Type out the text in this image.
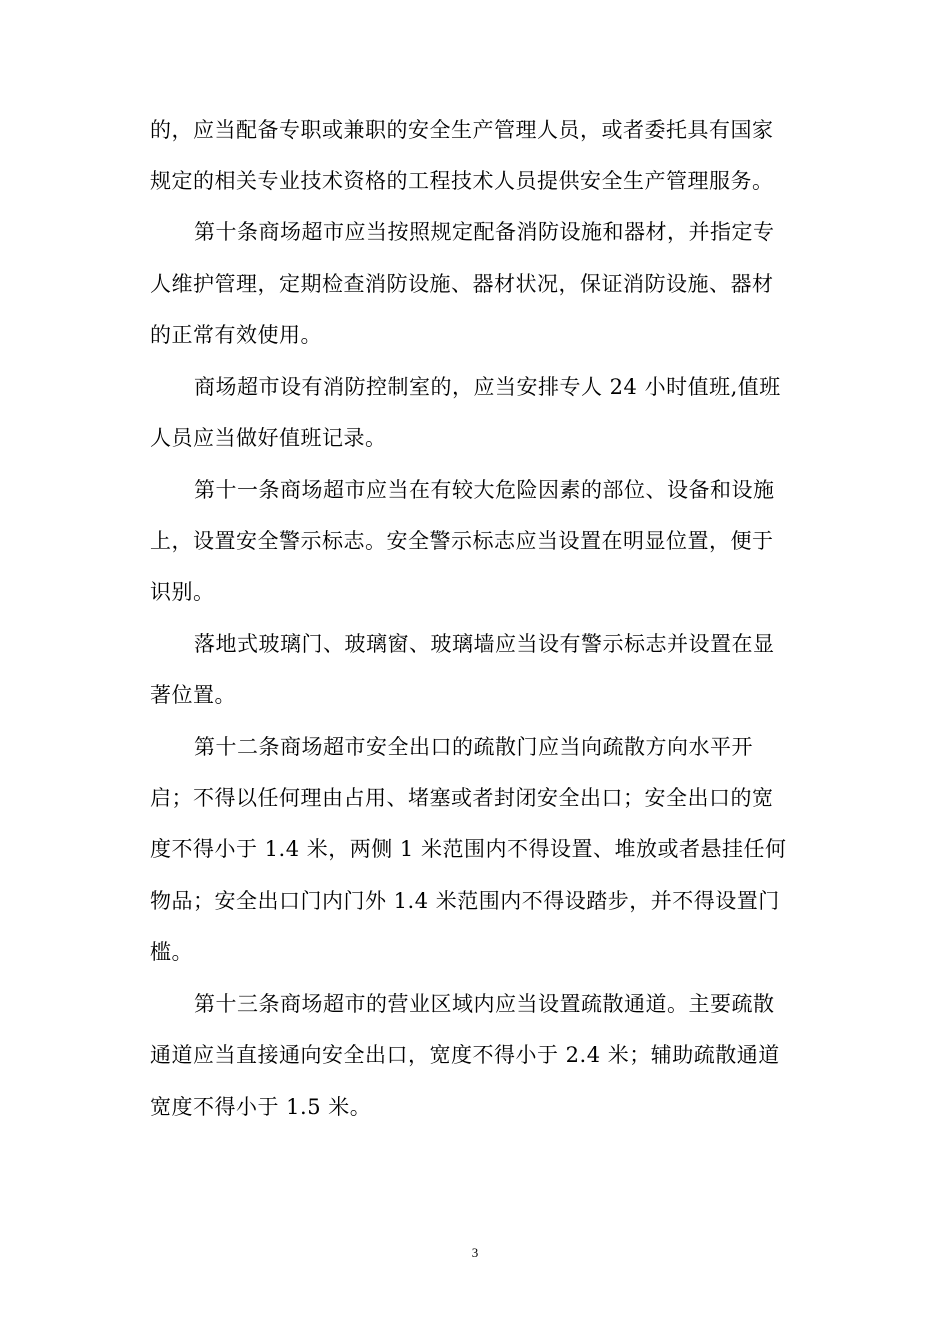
的，应当配备专职或兼职的安全生产管理人员，或者委托具有国家
规定的相关专业技术资格的工程技术人员提供安全生产管理服务。
第十条商场超市应当按照规定配备消防设施和器材，并指定专
人维护管理，定期检查消防设施、器材状况，保证消防设施、器材
的正常有效使用。
商场超市设有消防控制室的，应当安排专人 24 小时值班,值班
人员应当做好值班记录。
第十一条商场超市应当在有较大危险因素的部位、设备和设施
上，设置安全警示标志。安全警示标志应当设置在明显位置，便于
识别。
落地式玻璃门、玻璃窗、玻璃墙应当设有警示标志并设置在显
著位置。
第十二条商场超市安全出口的疏散门应当向疏散方向水平开
启；不得以任何理由占用、堵塞或者封闭安全出口；安全出口的宽
度不得小于 1.4 米，两侧 1 米范围内不得设置、堆放或者悬挂任何
物品；安全出口门内门外 1.4 米范围内不得设踏步，并不得设置门
槛。
第十三条商场超市的营业区域内应当设置疏散通道。主要疏散
通道应当直接通向安全出口，宽度不得小于 2.4 米；辅助疏散通道
宽度不得小于 1.5 米。
3
